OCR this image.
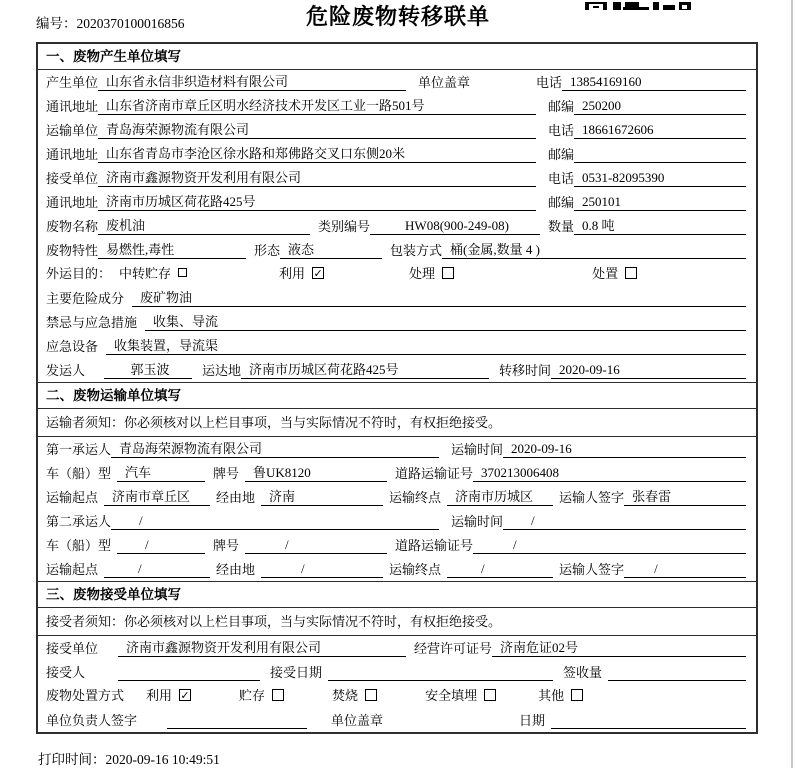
编号：2020370100016856	危险废物转移联单
一、废物产生单位填写
产生单位 山东省永信非织造材料有限公司	单位盖章	电话 13854169160
通讯地址 山东省济南市章丘区明水经济技术开发区工业一路501号	邮编 250200
运输单位 青岛海荣源物流有限公司	电话 18661672606
通讯地址 山东省青岛市李沧区徐水路和郑佛路交叉口东侧20米	邮编
接受单位 济南市鑫源物资开发利用有限公司	电话 0531-82095390
通讯地址 济南市历城区荷花路425号	邮编 250101
废物名称 废机油	类别编号	HW08(900-249-08)	数量 0.8 吨
废物特性 易燃性,毒性	形态 液态	包装方式 桶(金属,数量 4 )
外运目的： 中转贮存	利用 ✓	处理	处置
主要危险成分	废矿物油
禁忌与应急措施	收集、导流
应急设备	收集装置，导流渠
发运人	郭玉波	运达地 济南市历城区荷花路425号	转移时间 2020-09-16
二、废物运输单位填写
运输者须知：你必须核对以上栏目事项，当与实际情况不符时，有权拒绝接受。
第一承运人 青岛海荣源物流有限公司	运输时间 2020-09-16
车（船）型	汽车	牌号	鲁UK8120	道路运输证号 370213006408
运输起点	济南市章丘区	经由地	济南	运输终点	济南市历城区	运输人签字 张春雷
第二承运人	/	运输时间	/
车（船）型	/	牌号	/	道路运输证号	/
运输起点	/	经由地	/	运输终点	/	运输人签字	/
三、废物接受单位填写
接受者须知：你必须核对以上栏目事项，当与实际情况不符时，有权拒绝接受。
接受单位	济南市鑫源物资开发利用有限公司	经营许可证号 济南危证02号
接受人	接受日期	签收量
废物处置方式 利用 ✓	贮存	焚烧	安全填埋	其他
单位负责人签字	单位盖章	日期
打印时间：2020-09-16 10:49:51
